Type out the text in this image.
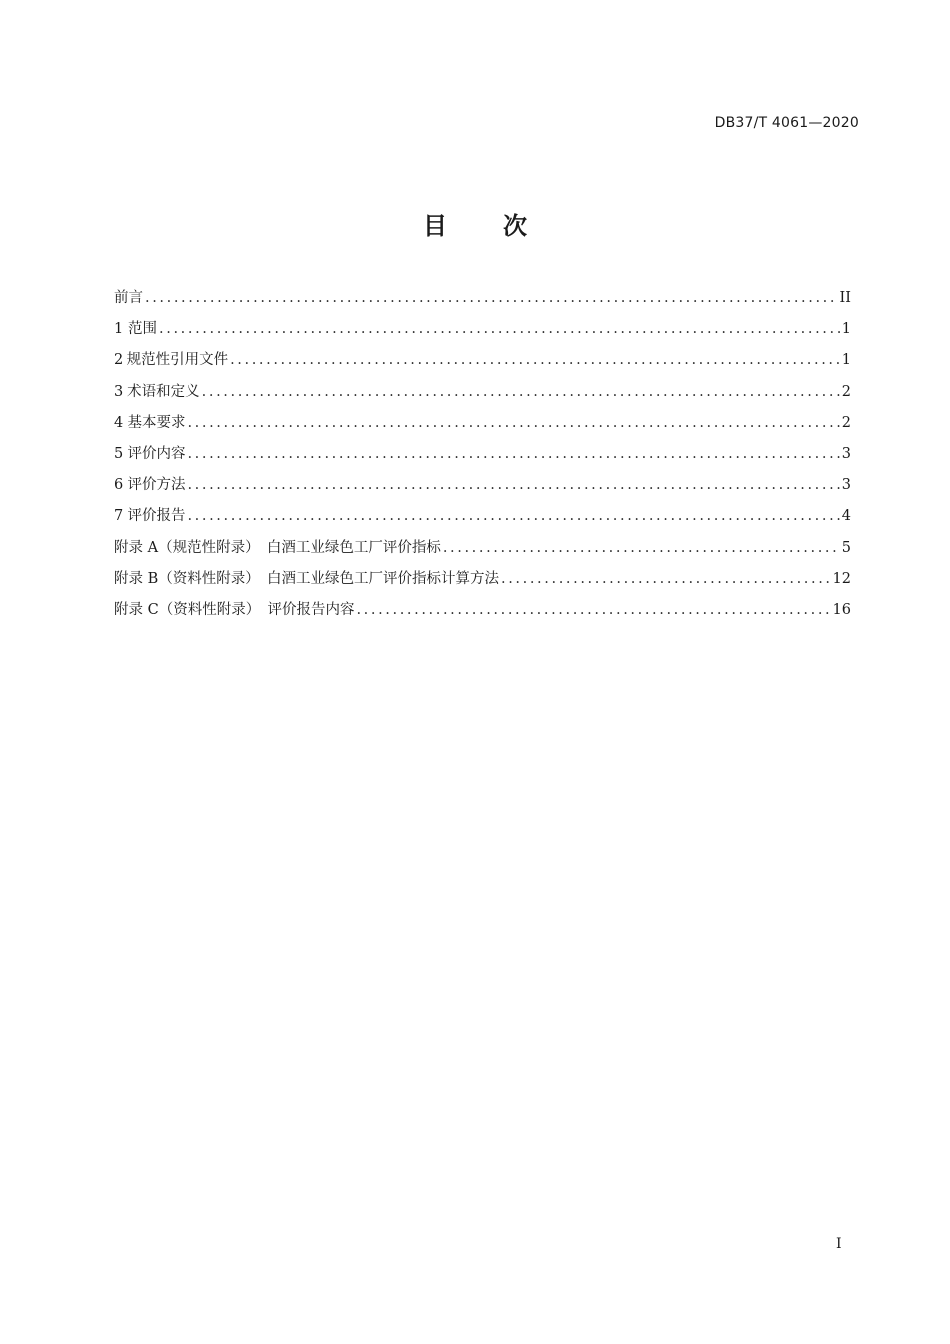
DB37/T 4061—2020
目 次
前言 .....	II
1 范围 .....	1
2 规范性引用文件 .....	1
3 术语和定义 .....	2
4 基本要求 .....	2
5 评价内容 .....	3
6 评价方法 .....	3
7 评价报告 .....	4
附录 A（规范性附录）　白酒工业绿色工厂评价指标 .....	5
附录 B（资料性附录）　白酒工业绿色工厂评价指标计算方法 .....	12
附录 C（资料性附录）　评价报告内容 .....	16
I
